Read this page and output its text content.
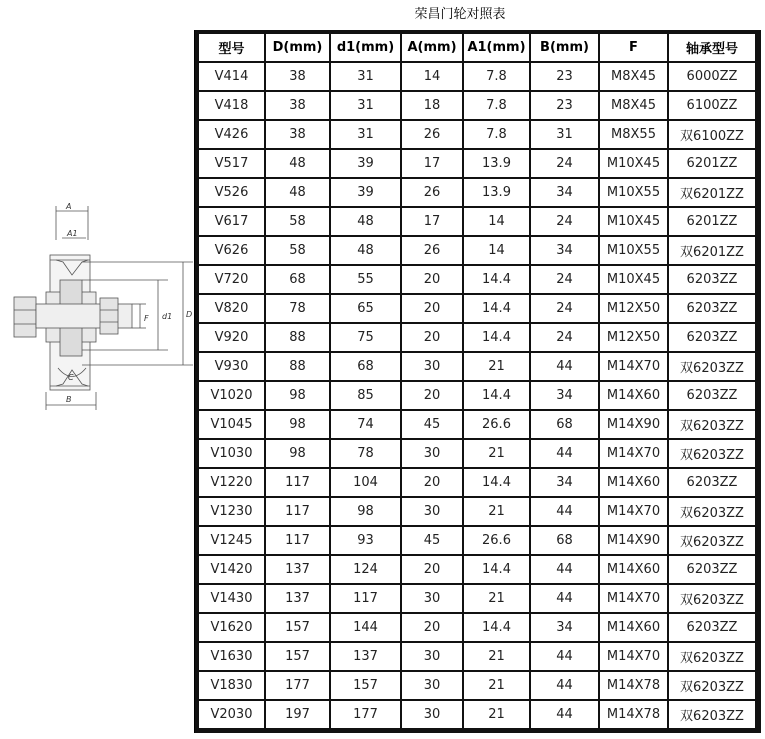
荣昌门轮对照表
A
A1
F d1 D
C
B
型号	D(mm)	d1(mm)	A(mm)	A1(mm)	B(mm)	F	轴承型号
V414	38	31	14	7.8	23	M8X45	6000ZZ
V418	38	31	18	7.8	23	M8X45	6100ZZ
V426	38	31	26	7.8	31	M8X55	双6100ZZ
V517	48	39	17	13.9	24	M10X45	6201ZZ
V526	48	39	26	13.9	34	M10X55	双6201ZZ
V617	58	48	17	14	24	M10X45	6201ZZ
V626	58	48	26	14	34	M10X55	双6201ZZ
V720	68	55	20	14.4	24	M10X45	6203ZZ
V820	78	65	20	14.4	24	M12X50	6203ZZ
V920	88	75	20	14.4	24	M12X50	6203ZZ
V930	88	68	30	21	44	M14X70	双6203ZZ
V1020	98	85	20	14.4	34	M14X60	6203ZZ
V1045	98	74	45	26.6	68	M14X90	双6203ZZ
V1030	98	78	30	21	44	M14X70	双6203ZZ
V1220	117	104	20	14.4	34	M14X60	6203ZZ
V1230	117	98	30	21	44	M14X70	双6203ZZ
V1245	117	93	45	26.6	68	M14X90	双6203ZZ
V1420	137	124	20	14.4	44	M14X60	6203ZZ
V1430	137	117	30	21	44	M14X70	双6203ZZ
V1620	157	144	20	14.4	34	M14X60	6203ZZ
V1630	157	137	30	21	44	M14X70	双6203ZZ
V1830	177	157	30	21	44	M14X78	双6203ZZ
V2030	197	177	30	21	44	M14X78	双6203ZZ
